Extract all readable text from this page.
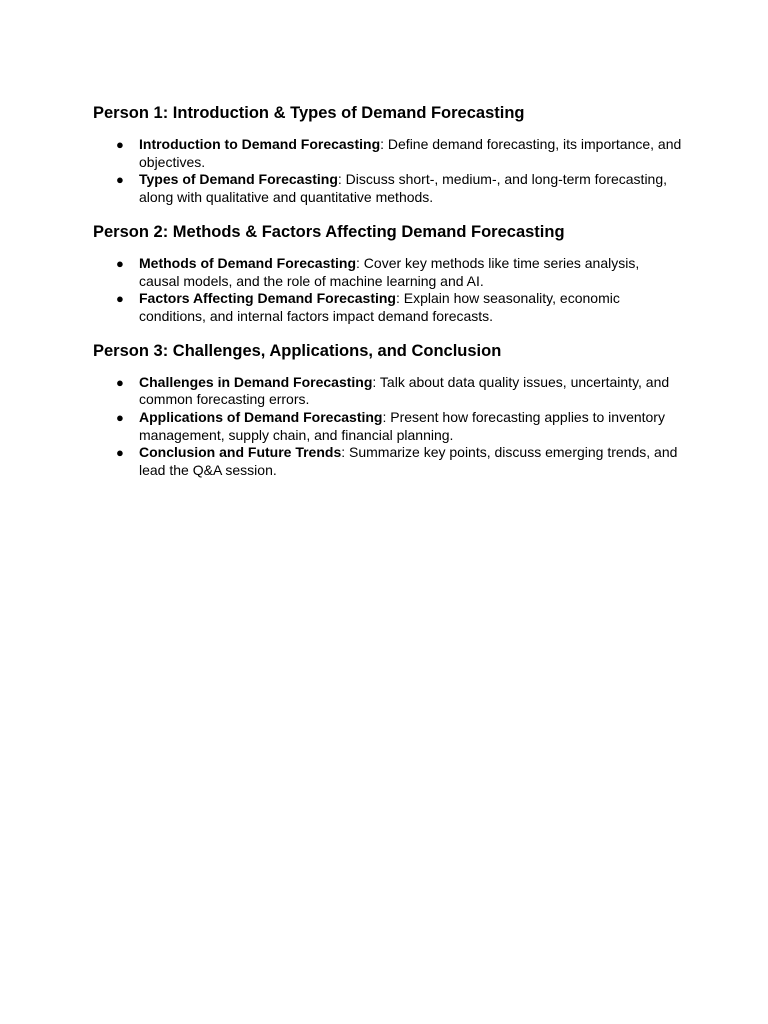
Person 1: Introduction & Types of Demand Forecasting
● Introduction to Demand Forecasting: Define demand forecasting, its importance, and objectives.
● Types of Demand Forecasting: Discuss short-, medium-, and long-term forecasting, along with qualitative and quantitative methods.
Person 2: Methods & Factors Affecting Demand Forecasting
● Methods of Demand Forecasting: Cover key methods like time series analysis, causal models, and the role of machine learning and AI.
● Factors Affecting Demand Forecasting: Explain how seasonality, economic conditions, and internal factors impact demand forecasts.
Person 3: Challenges, Applications, and Conclusion
● Challenges in Demand Forecasting: Talk about data quality issues, uncertainty, and common forecasting errors.
● Applications of Demand Forecasting: Present how forecasting applies to inventory management, supply chain, and financial planning.
● Conclusion and Future Trends: Summarize key points, discuss emerging trends, and lead the Q&A session.
